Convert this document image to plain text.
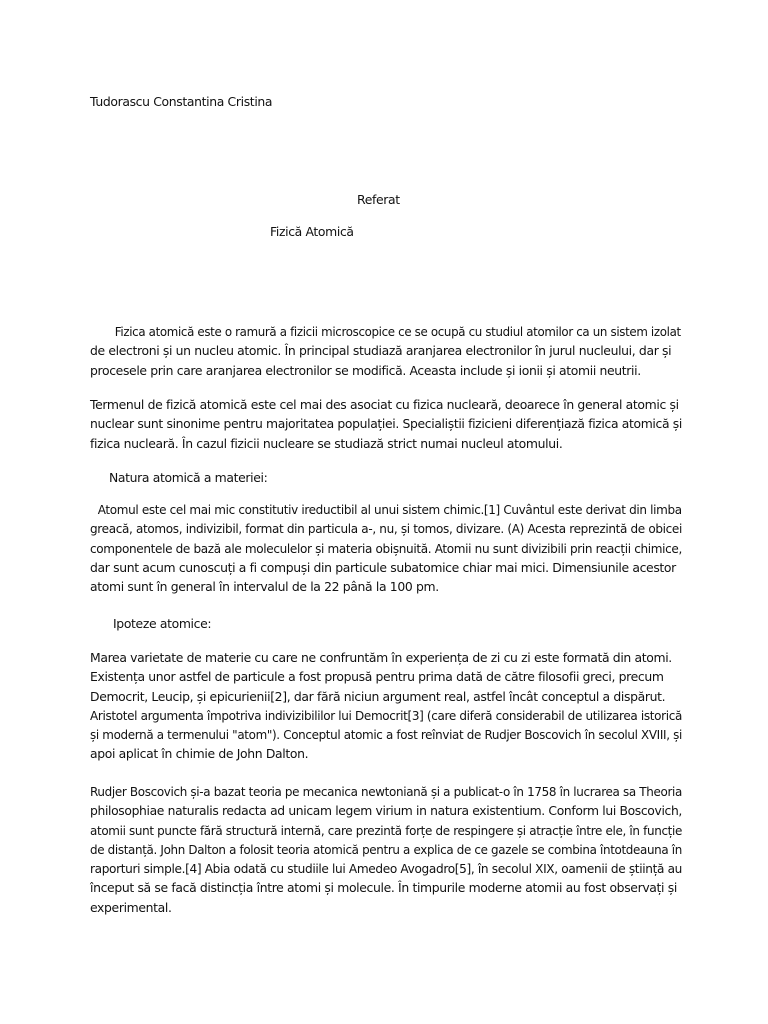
Tudorascu Constantina Cristina
Referat
Fizică Atomică
Fizica atomică este o ramură a fizicii microscopice ce se ocupă cu studiul atomilor ca un sistem izolat
de electroni și un nucleu atomic. În principal studiază aranjarea electronilor în jurul nucleului, dar și
procesele prin care aranjarea electronilor se modifică. Aceasta include și ionii și atomii neutrii.
Termenul de fizică atomică este cel mai des asociat cu fizica nucleară, deoarece în general atomic și
nuclear sunt sinonime pentru majoritatea populației. Specialiștii fizicieni diferențiază fizica atomică și
fizica nucleară. În cazul fizicii nucleare se studiază strict numai nucleul atomului.
Natura atomică a materiei:
Atomul este cel mai mic constitutiv ireductibil al unui sistem chimic.[1] Cuvântul este derivat din limba
greacă, atomos, indivizibil, format din particula a-, nu, și tomos, divizare. (A) Acesta reprezintă de obicei
componentele de bază ale moleculelor și materia obișnuită. Atomii nu sunt divizibili prin reacții chimice,
dar sunt acum cunoscuți a fi compuși din particule subatomice chiar mai mici. Dimensiunile acestor
atomi sunt în general în intervalul de la 22 până la 100 pm.
Ipoteze atomice:
Marea varietate de materie cu care ne confruntăm în experiența de zi cu zi este formată din atomi.
Existența unor astfel de particule a fost propusă pentru prima dată de către filosofii greci, precum
Democrit, Leucip, și epicurienii[2], dar fără niciun argument real, astfel încât conceptul a dispărut.
Aristotel argumenta împotriva indivizibililor lui Democrit[3] (care diferă considerabil de utilizarea istorică
și modernă a termenului "atom"). Conceptul atomic a fost reînviat de Rudjer Boscovich în secolul XVIII, și
apoi aplicat în chimie de John Dalton.
Rudjer Boscovich și-a bazat teoria pe mecanica newtoniană și a publicat-o în 1758 în lucrarea sa Theoria
philosophiae naturalis redacta ad unicam legem virium in natura existentium. Conform lui Boscovich,
atomii sunt puncte fără structură internă, care prezintă forțe de respingere și atracție între ele, în funcție
de distanță. John Dalton a folosit teoria atomică pentru a explica de ce gazele se combina întotdeauna în
raporturi simple.[4] Abia odată cu studiile lui Amedeo Avogadro[5], în secolul XIX, oamenii de știință au
început să se facă distincția între atomi și molecule. În timpurile moderne atomii au fost observați și
experimental.
